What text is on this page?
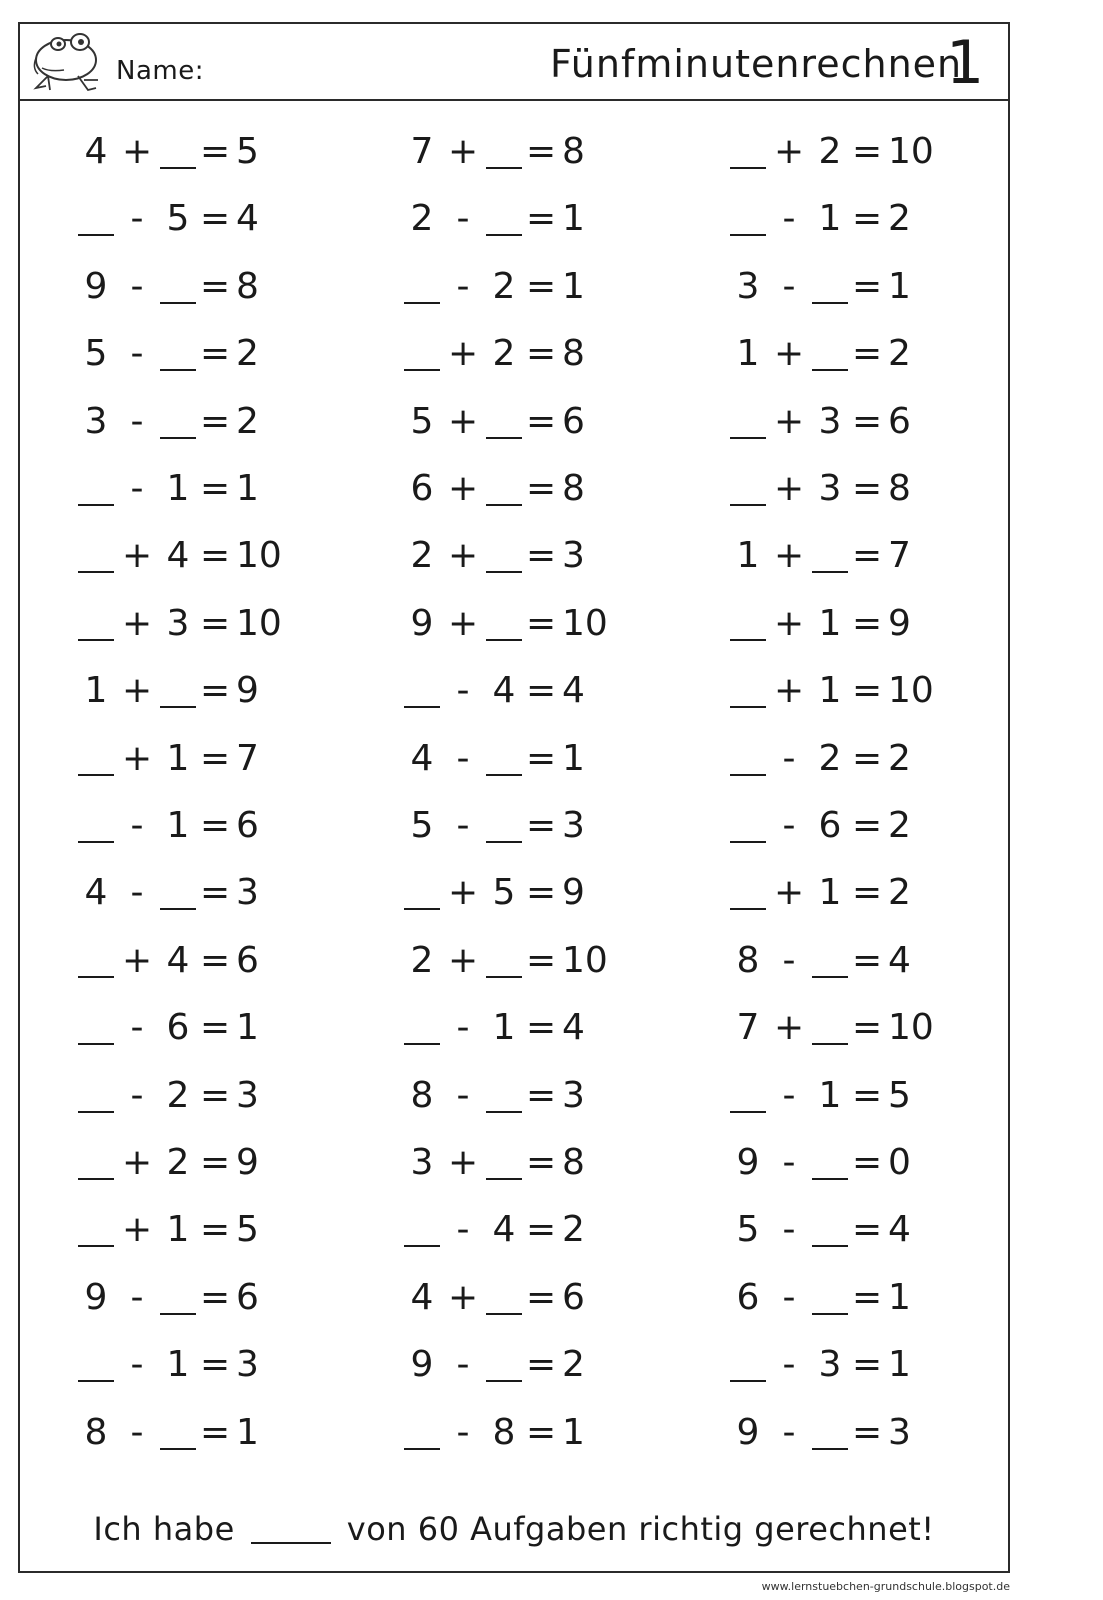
Name:	Fünfminutenrechnen
1
4 + = 5
- 5 = 4
9 - = 8
5 - = 2
3 - = 2
- 1 = 1
+ 4 = 10
+ 3 = 10
1 + = 9
+ 1 = 7
- 1 = 6
4 - = 3
+ 4 = 6
- 6 = 1
- 2 = 3
+ 2 = 9
+ 1 = 5
9 - = 6
- 1 = 3
8 - = 1
7 + = 8
2 - = 1
- 2 = 1
+ 2 = 8
5 + = 6
6 + = 8
2 + = 3
9 + = 10
- 4 = 4
4 - = 1
5 - = 3
+ 5 = 9
2 + = 10
- 1 = 4
8 - = 3
3 + = 8
- 4 = 2
4 + = 6
9 - = 2
- 8 = 1
+ 2 = 10
- 1 = 2
3 - = 1
1 + = 2
+ 3 = 6
+ 3 = 8
1 + = 7
+ 1 = 9
+ 1 = 10
- 2 = 2
- 6 = 2
+ 1 = 2
8 - = 4
7 + = 10
- 1 = 5
9 - = 0
5 - = 4
6 - = 1
- 3 = 1
9 - = 3
Ich habe	von 60 Aufgaben richtig gerechnet!
www.lernstuebchen-grundschule.blogspot.de
